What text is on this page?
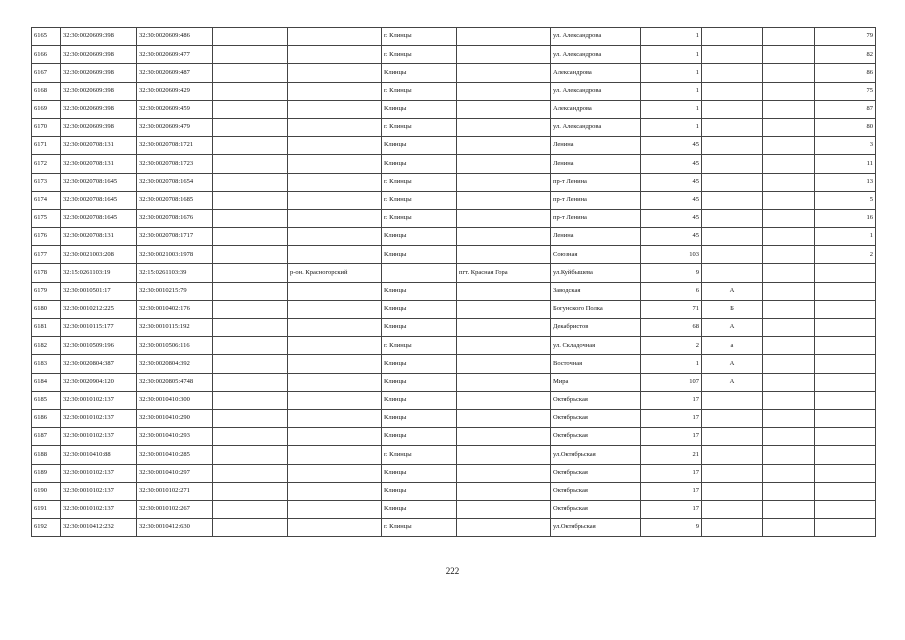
6165	32:30:0020609:398	32:30:0020609:486			г. Клинцы		ул. Александрова	1			79
6166	32:30:0020609:398	32:30:0020609:477			г. Клинцы		ул. Александрова	1			82
6167	32:30:0020609:398	32:30:0020609:487			Клинцы		Александрова	1			86
6168	32:30:0020609:398	32:30:0020609:429			г. Клинцы		ул. Александрова	1			75
6169	32:30:0020609:398	32:30:0020609:459			Клинцы		Александрова	1			87
6170	32:30:0020609:398	32:30:0020609:479			г. Клинцы		ул. Александрова	1			80
6171	32:30:0020708:131	32:30:0020708:1721			Клинцы		Ленина	45			3
6172	32:30:0020708:131	32:30:0020708:1723			Клинцы		Ленина	45			11
6173	32:30:0020708:1645	32:30:0020708:1654			г. Клинцы		пр-т Ленина	45			13
6174	32:30:0020708:1645	32:30:0020708:1685			г. Клинцы		пр-т Ленина	45			5
6175	32:30:0020708:1645	32:30:0020708:1676			г. Клинцы		пр-т Ленина	45			16
6176	32:30:0020708:131	32:30:0020708:1717			Клинцы		Ленина	45			1
6177	32:30:0021003:208	32:30:0021003:1978			Клинцы		Союзная	103			2
6178	32:15:0261103:19	32:15:0261103:39		р-он. Красногорский		пгт. Красная Гора	ул.Куйбышева	9			
6179	32:30:0010501:17	32:30:0010215:79			Клинцы		Заводская	6	А		
6180	32:30:0010212:225	32:30:0010402:176			Клинцы		Богунского Полка	71	Б		
6181	32:30:0010115:177	32:30:0010115:192			Клинцы		Декабристов	68	А		
6182	32:30:0010509:196	32:30:0010506:116			г. Клинцы		ул. Складочная	2	а		
6183	32:30:0020804:387	32:30:0020804:392			Клинцы		Восточная	1	А		
6184	32:30:0020904:120	32:30:0020805:4748			Клинцы		Мира	107	А		
6185	32:30:0010102:137	32:30:0010410:300			Клинцы		Октябрьская	17			
6186	32:30:0010102:137	32:30:0010410:290			Клинцы		Октябрьская	17			
6187	32:30:0010102:137	32:30:0010410:293			Клинцы		Октябрьская	17			
6188	32:30:0010410:88	32:30:0010410:285			г. Клинцы		ул.Октябрьская	21			
6189	32:30:0010102:137	32:30:0010410:297			Клинцы		Октябрьская	17			
6190	32:30:0010102:137	32:30:0010102:271			Клинцы		Октябрьская	17			
6191	32:30:0010102:137	32:30:0010102:267			Клинцы		Октябрьская	17			
6192	32:30:0010412:232	32:30:0010412:630			г. Клинцы		ул.Октябрьская	9			
222
